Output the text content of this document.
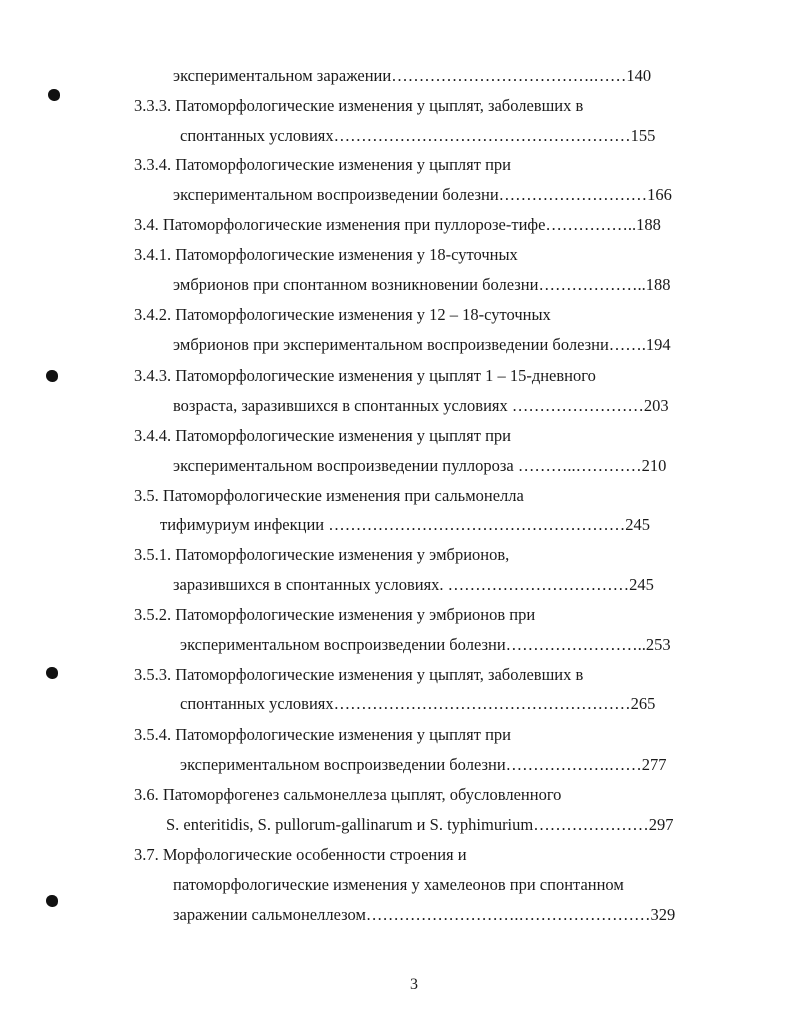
экспериментальном заражении……………………………….……140
3.3.3. Патоморфологические изменения у цыплят, заболевших в
спонтанных условиях………………………………………………155
3.3.4. Патоморфологические изменения у цыплят при
экспериментальном воспроизведении болезни………………………166
3.4. Патоморфологические изменения при пуллорозе-тифе……………..188
3.4.1. Патоморфологические изменения у 18-суточных
эмбрионов при спонтанном возникновении болезни………………..188
3.4.2. Патоморфологические изменения у 12 – 18-суточных
эмбрионов при экспериментальном воспроизведении болезни…….194
3.4.3. Патоморфологические изменения у цыплят 1 – 15-дневного
возраста, заразившихся в спонтанных условиях ……………………203
3.4.4. Патоморфологические изменения у цыплят при
экспериментальном воспроизведении пуллороза ………..…………210
3.5. Патоморфологические изменения при сальмонелла
тифимуриум инфекции ………………………………………………245
3.5.1. Патоморфологические изменения у эмбрионов,
заразившихся в спонтанных условиях. ……………………………245
3.5.2. Патоморфологические изменения у эмбрионов при
экспериментальном воспроизведении болезни……………………..253
3.5.3. Патоморфологические изменения у цыплят, заболевших в
спонтанных условиях………………………………………………265
3.5.4. Патоморфологические изменения у цыплят при
экспериментальном воспроизведении болезни……………….……277
3.6. Патоморфогенез сальмонеллеза цыплят, обусловленного
S. enteritidis, S. pullorum-gallinarum и S. typhimurium…………………297
3.7. Морфологические особенности строения и
патоморфологические изменения у хамелеонов при спонтанном
заражении сальмонеллезом……………………….……………………329
3
